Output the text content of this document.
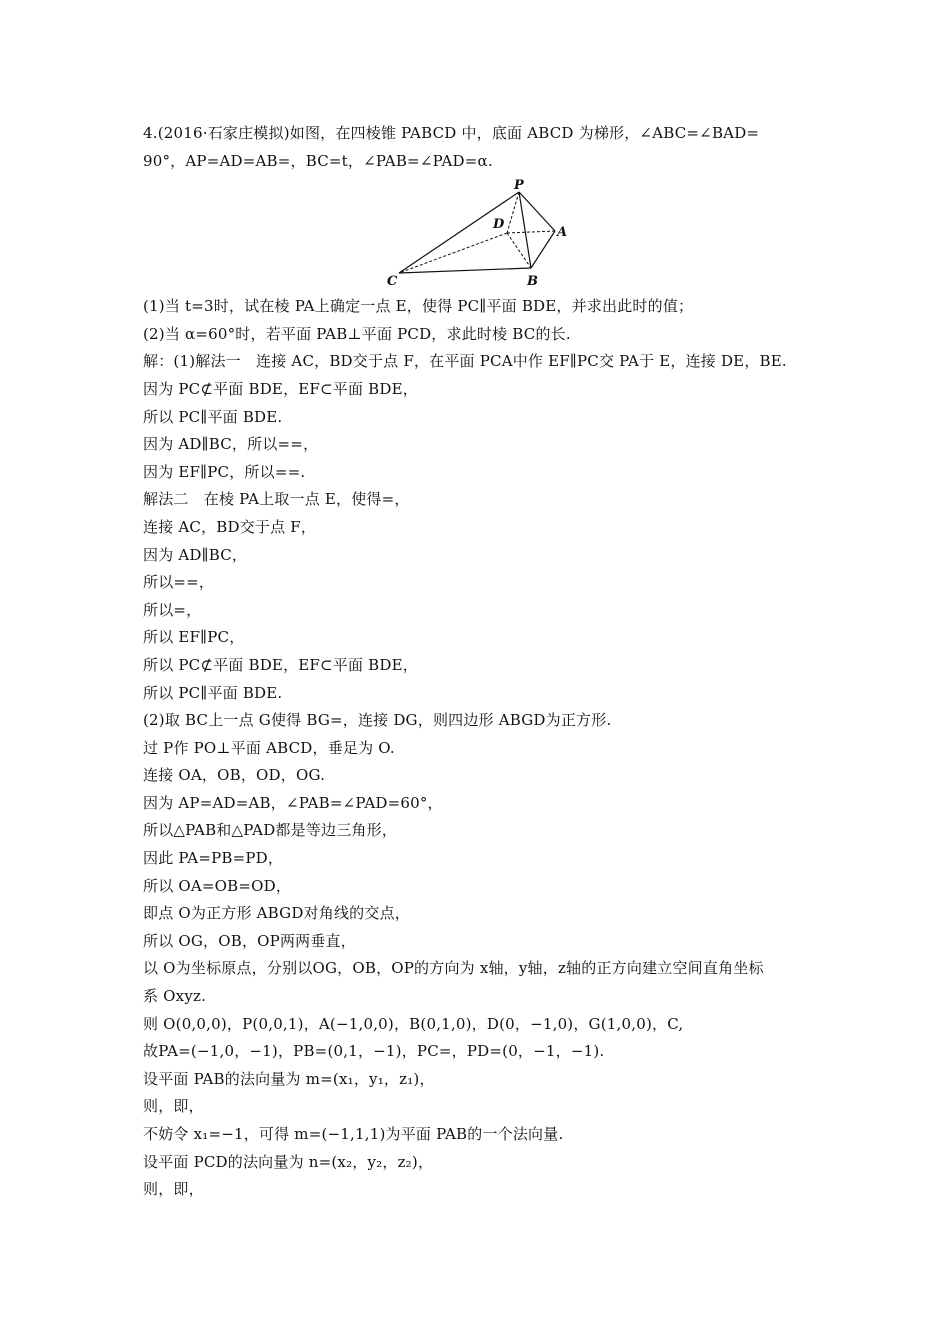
4.(2016·石家庄模拟)如图，在四棱锥 PABCD 中，底面 ABCD 为梯形，∠ABC=∠BAD=
90°，AP=AD=AB=，BC=t，∠PAB=∠PAD=α.
P
D
A
C	B
(1)当 t=3时，试在棱 PA上确定一点 E，使得 PC∥平面 BDE，并求出此时的值；
(2)当 α=60°时，若平面 PAB⊥平面 PCD，求此时棱 BC的长.
解：(1)解法一　连接 AC，BD交于点 F，在平面 PCA中作 EF∥PC交 PA于 E，连接 DE，BE.
因为 PC⊄平面 BDE，EF⊂平面 BDE，
所以 PC∥平面 BDE.
因为 AD∥BC，所以==，
因为 EF∥PC，所以==.
解法二　在棱 PA上取一点 E，使得=，
连接 AC，BD交于点 F，
因为 AD∥BC，
所以==，
所以=，
所以 EF∥PC，
所以 PC⊄平面 BDE，EF⊂平面 BDE，
所以 PC∥平面 BDE.
(2)取 BC上一点 G使得 BG=，连接 DG，则四边形 ABGD为正方形.
过 P作 PO⊥平面 ABCD，垂足为 O.
连接 OA，OB，OD，OG.
因为 AP=AD=AB，∠PAB=∠PAD=60°，
所以△PAB和△PAD都是等边三角形，
因此 PA=PB=PD，
所以 OA=OB=OD，
即点 O为正方形 ABGD对角线的交点，
所以 OG，OB，OP两两垂直，
以 O为坐标原点，分别以OG，OB，OP的方向为 x轴，y轴，z轴的正方向建立空间直角坐标
系 Oxyz.
则 O(0,0,0)，P(0,0,1)，A(−1,0,0)，B(0,1,0)，D(0，−1,0)，G(1,0,0)，C,
故PA=(−1,0，−1)，PB=(0,1，−1)，PC=，PD=(0，−1，−1).
设平面 PAB的法向量为 m=(x₁，y₁，z₁)，
则，即，
不妨令 x₁=−1，可得 m=(−1,1,1)为平面 PAB的一个法向量.
设平面 PCD的法向量为 n=(x₂，y₂，z₂)，
则，即，
